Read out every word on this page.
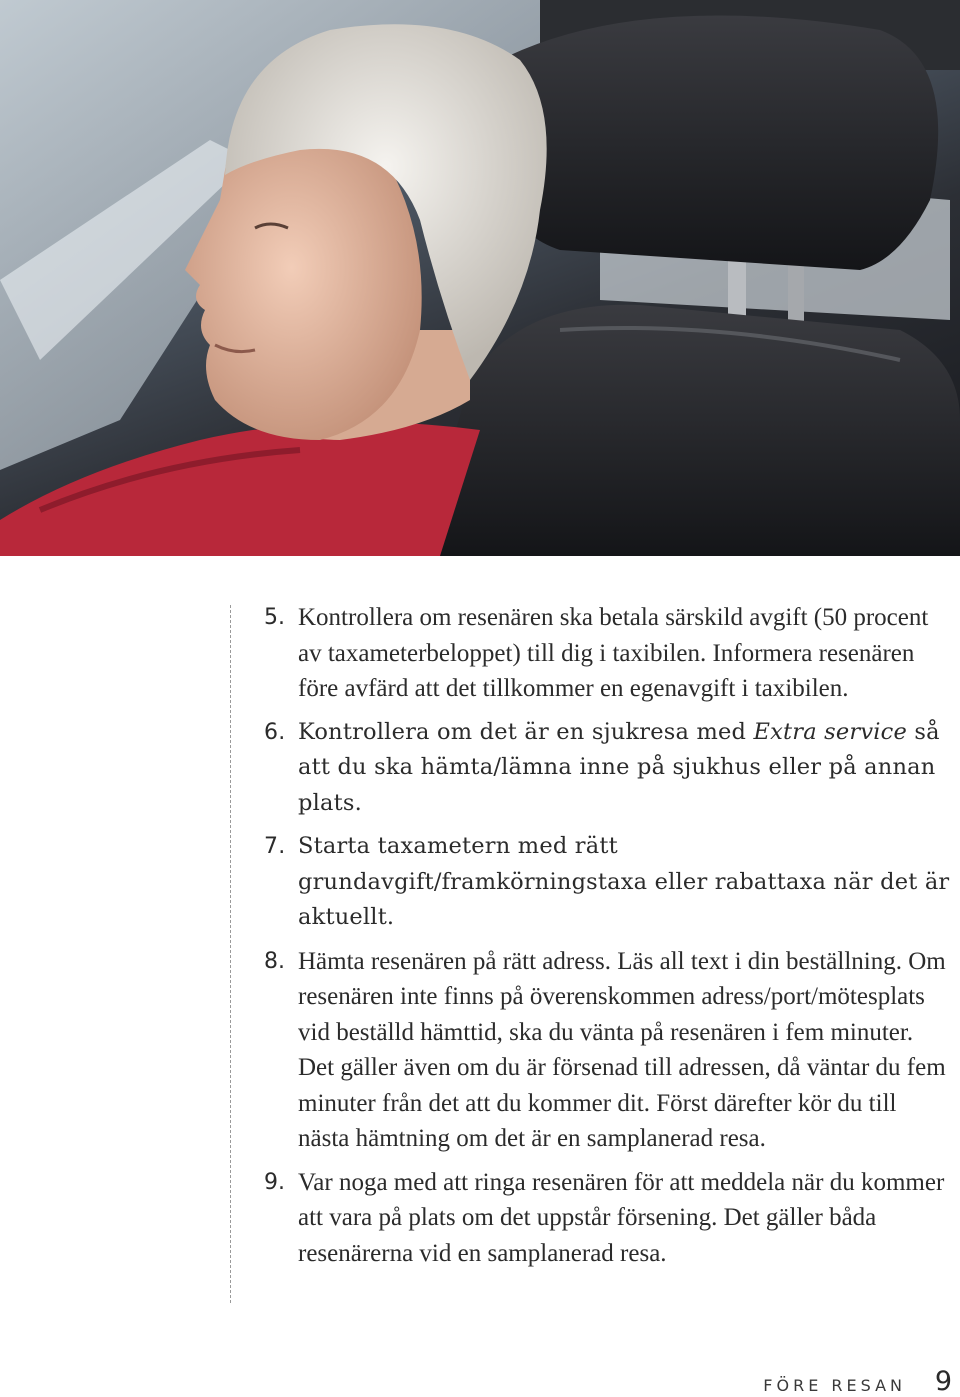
5. Kontrollera om resenären ska betala särskild avgift (50 procent av taxameterbeloppet) till dig i taxibilen. Informera resenären före avfärd att det tillkommer en egenavgift i taxibilen.
6. Kontrollera om det är en sjukresa med Extra service så att du ska hämta/lämna inne på sjukhus eller på annan plats.
7. Starta taxametern med rätt grundavgift/framkörningstaxa eller rabattaxa när det är aktuellt.
8. Hämta resenären på rätt adress. Läs all text i din beställning. Om resenären inte finns på överenskommen adress/port/mötesplats vid beställd hämttid, ska du vänta på resenären i fem minuter. Det gäller även om du är försenad till adressen, då väntar du fem minuter från det att du kommer dit. Först därefter kör du till nästa hämtning om det är en samplanerad resa.
9. Var noga med att ringa resenären för att meddela när du kommer att vara på plats om det uppstår försening. Det gäller båda resenärerna vid en samplanerad resa.
FÖRE RESAN 9
